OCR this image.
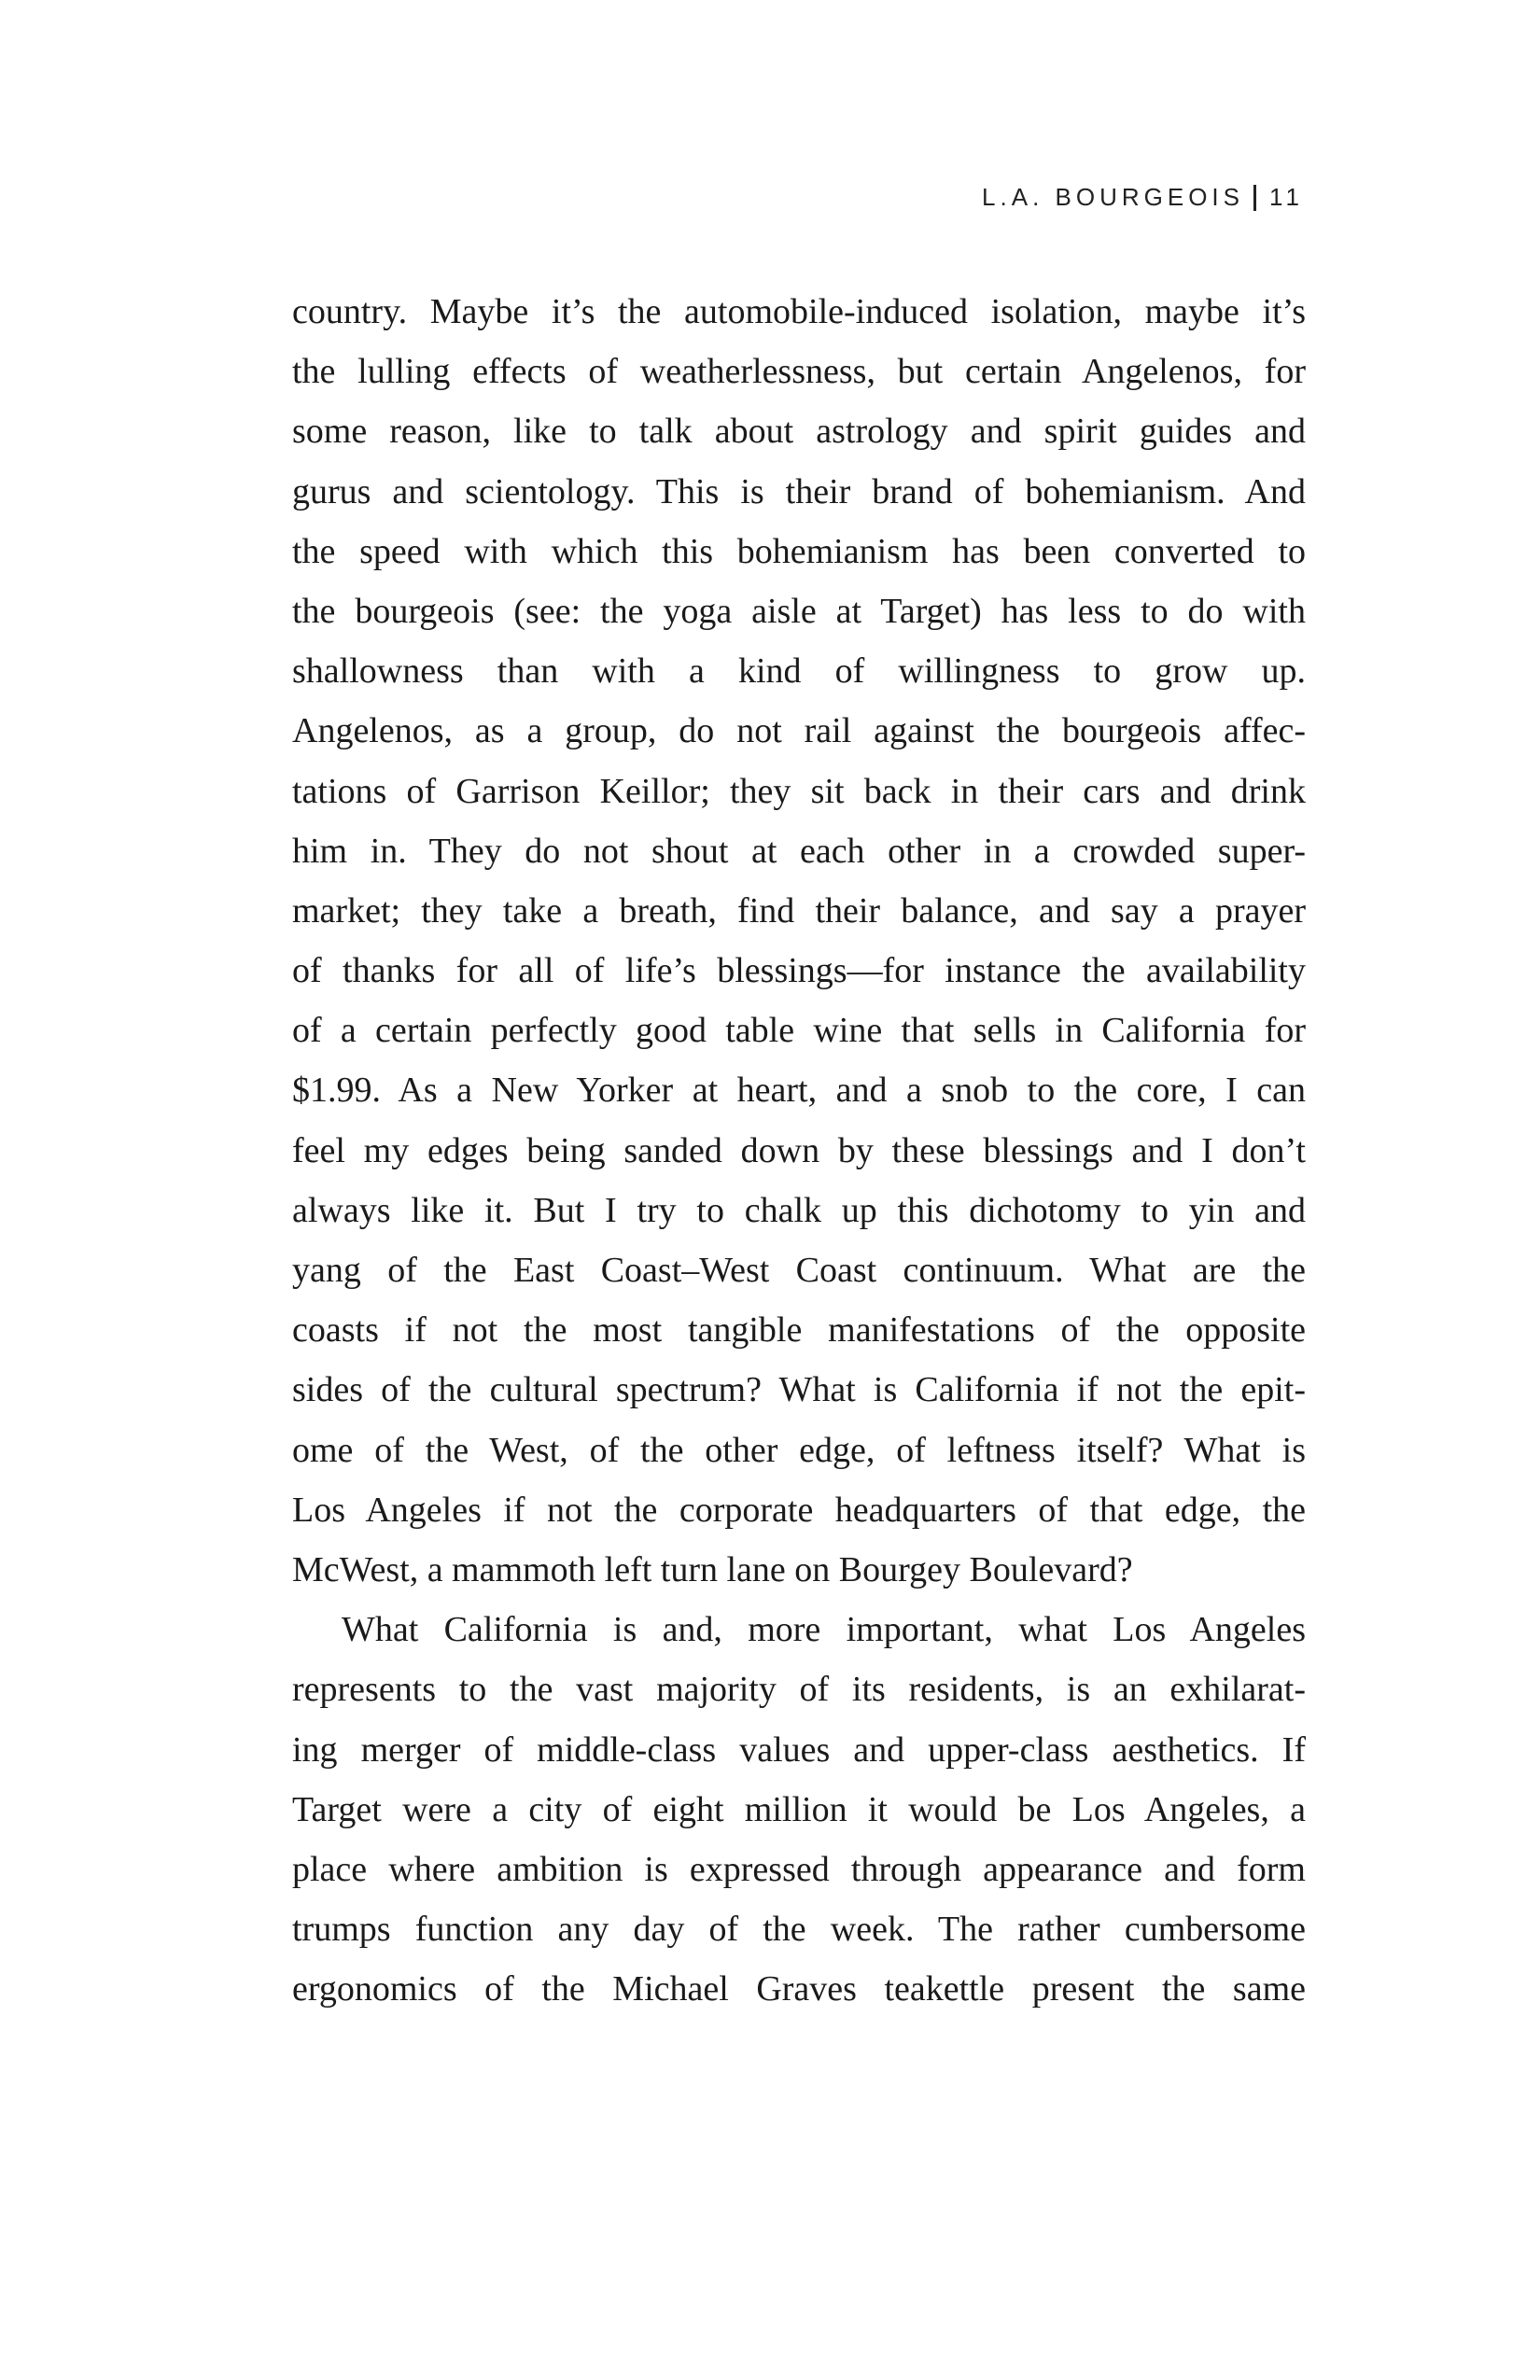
L.A. BOURGEOIS 11
country. Maybe it’s the automobile-induced isolation, maybe it’s
the lulling effects of weatherlessness, but certain Angelenos, for
some reason, like to talk about astrology and spirit guides and
gurus and scientology. This is their brand of bohemianism. And
the speed with which this bohemianism has been converted to
the bourgeois (see: the yoga aisle at Target) has less to do with
shallowness than with a kind of willingness to grow up.
Angelenos, as a group, do not rail against the bourgeois affec-
tations of Garrison Keillor; they sit back in their cars and drink
him in. They do not shout at each other in a crowded super-
market; they take a breath, find their balance, and say a prayer
of thanks for all of life’s blessings—for instance the availability
of a certain perfectly good table wine that sells in California for
$1.99. As a New Yorker at heart, and a snob to the core, I can
feel my edges being sanded down by these blessings and I don’t
always like it. But I try to chalk up this dichotomy to yin and
yang of the East Coast–West Coast continuum. What are the
coasts if not the most tangible manifestations of the opposite
sides of the cultural spectrum? What is California if not the epit-
ome of the West, of the other edge, of leftness itself? What is
Los Angeles if not the corporate headquarters of that edge, the
McWest, a mammoth left turn lane on Bourgey Boulevard?
What California is and, more important, what Los Angeles
represents to the vast majority of its residents, is an exhilarat-
ing merger of middle-class values and upper-class aesthetics. If
Target were a city of eight million it would be Los Angeles, a
place where ambition is expressed through appearance and form
trumps function any day of the week. The rather cumbersome
ergonomics of the Michael Graves teakettle present the same
